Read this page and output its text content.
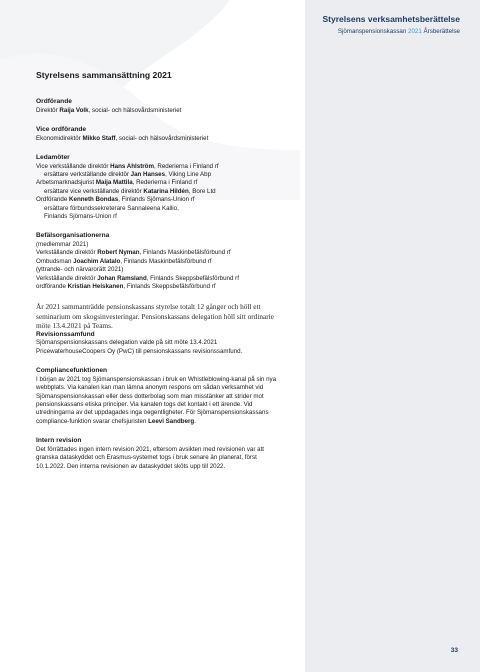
Styrelsens verksamhetsberättelse
Sjömanspensionskassan 2021 Årsberättelse
Styrelsens sammansättning 2021
Ordförande

Direktör Raija Volk, social- och hälsovårdsministeriet

Vice ordförande

Ekonomidirektör Mikko Staff, social- och hälsovårdsministeriet

Ledamöter

Vice verkställande direktör Hans Ahlström, Rederierna i Finland rf

ersättare verkställande direktör Jan Hanses, Viking Line Abp

Arbetsmarknadsjurist Maija Mattila, Rederierna i Finland rf

ersättare vice verkställande direktör Katarina Hildén, Bore Ltd

Ordförande Kenneth Bondas, Finlands Sjömans-Union rf

ersättare förbundssekreterare Sannaleena Kallio,

Finlands Sjömans-Union rf

Befälsorganisationerna

(medlemmar 2021)

Verkställande direktör Robert Nyman, Finlands Maskinbefälsförbund rf

Ombudsman Joachim Alatalo, Finlands Maskinbefälsförbund rf

(yttrande- och närvarorätt 2021)

Verkställande direktör Johan Ramsland, Finlands Skeppsbefälsförbund rf

ordförande Kristian Heiskanen, Finlands Skeppsbefälsförbund rf

År 2021 sammanträdde pensionskassans styrelse totalt 12 gånger och höll ett seminarium om skogsinvesteringar. Pensionskassans delegation höll sitt ordinarie möte 13.4.2021 på Teams.

Revisionssamfund

Sjömanspensionskassans delegation valde på sitt möte 13.4.2021 PricewaterhouseCoopers Oy (PwC) till pensionskassans revisionssamfund.

Compliancefunktionen

I början av 2021 tog Sjömanspensionskassan i bruk en Whistleblowing-kanal på sin nya webbplats. Via kanalen kan man lämna anonym respons om sådan verksamhet vid Sjömanspensionskassan eller dess dotterbolag som man misstänker att strider mot pensionskassans etiska principer. Via kanalen togs det kontakt i ett ärende. Vid utredningarna av det uppdagades inga oegentligheter. För Sjömanspensionskassans compliance-funktion svarar chefsjuristen Leevi Sandberg.

Intern revision

Det förrättades ingen intern revision 2021, eftersom avsikten med revisionen var att granska dataskyddet och Erasmus-systemet togs i bruk senare än planerat, först 10.1.2022. Den interna revisionen av dataskyddet sköts upp till 2022.

33
